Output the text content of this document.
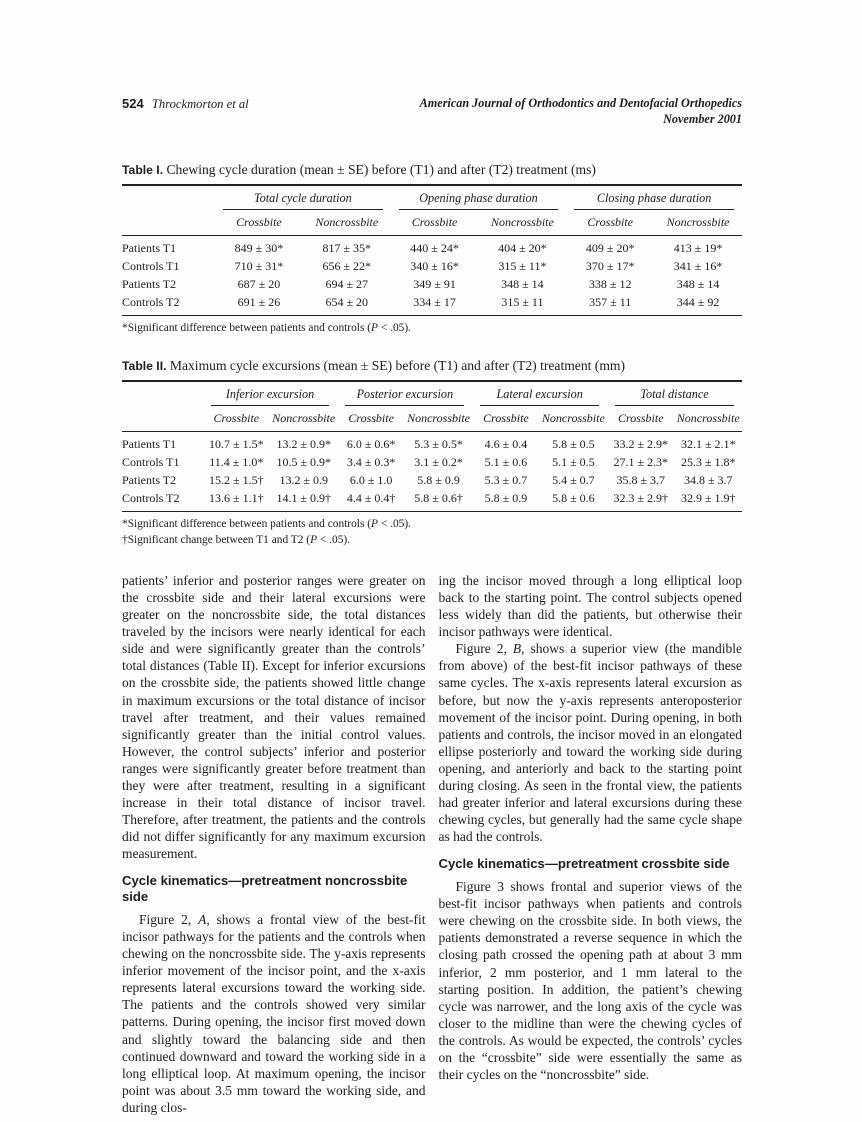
524 Throckmorton et al	American Journal of Orthodontics and Dentofacial Orthopedics
November 2001

Table I. Chewing cycle duration (mean ± SE) before (T1) and after (T2) treatment (ms)

	Total cycle duration		Opening phase duration		Closing phase duration	

	Crossbite	Noncrossbite	Crossbite	Noncrossbite	Crossbite	Noncrossbite
Patients T1	849 ± 30*	817 ± 35*	440 ± 24*	404 ± 20*	409 ± 20*	413 ± 19*
Controls T1	710 ± 31*	656 ± 22*	340 ± 16*	315 ± 11*	370 ± 17*	341 ± 16*
Patients T2	687 ± 20	694 ± 27	349 ± 91	348 ± 14	338 ± 12	348 ± 14
Controls T2	691 ± 26	654 ± 20	334 ± 17	315 ± 11	357 ± 11	344 ± 92

*Significant difference between patients and controls (P < .05).

Table II. Maximum cycle excursions (mean ± SE) before (T1) and after (T2) treatment (mm)

	Inferior excursion		Posterior excursion		Lateral excursion		Total distance	

	Crossbite	Noncrossbite	Crossbite	Noncrossbite	Crossbite	Noncrossbite	Crossbite	Noncrossbite
Patients T1	10.7 ± 1.5*	13.2 ± 0.9*	6.0 ± 0.6*	5.3 ± 0.5*	4.6 ± 0.4	5.8 ± 0.5	33.2 ± 2.9*	32.1 ± 2.1*
Controls T1	11.4 ± 1.0*	10.5 ± 0.9*	3.4 ± 0.3*	3.1 ± 0.2*	5.1 ± 0.6	5.1 ± 0.5	27.1 ± 2.3*	25.3 ± 1.8*
Patients T2	15.2 ± 1.5†	13.2 ± 0.9	6.0 ± 1.0	5.8 ± 0.9	5.3 ± 0.7	5.4 ± 0.7	35.8 ± 3.7	34.8 ± 3.7
Controls T2	13.6 ± 1.1†	14.1 ± 0.9†	4.4 ± 0.4†	5.8 ± 0.6†	5.8 ± 0.9	5.8 ± 0.6	32.3 ± 2.9†	32.9 ± 1.9†

*Significant difference between patients and controls (P < .05).

†Significant change between T1 and T2 (P < .05).

patients’ inferior and posterior ranges were greater on the crossbite side and their lateral excursions were greater on the noncrossbite side, the total distances traveled by the incisors were nearly identical for each side and were significantly greater than the controls’ total distances (Table II). Except for inferior excursions on the crossbite side, the patients showed little change in maximum excursions or the total distance of incisor travel after treatment, and their values remained significantly greater than the initial control values. However, the control subjects’ inferior and posterior ranges were significantly greater before treatment than they were after treatment, resulting in a significant increase in their total distance of incisor travel. Therefore, after treatment, the patients and the controls did not differ significantly for any maximum excursion measurement.

Cycle kinematics—pretreatment noncrossbite side

Figure 2, A, shows a frontal view of the best-fit incisor pathways for the patients and the controls when chewing on the noncrossbite side. The y-axis represents inferior movement of the incisor point, and the x-axis represents lateral excursions toward the working side. The patients and the controls showed very similar patterns. During opening, the incisor first moved down and slightly toward the balancing side and then continued downward and toward the working side in a long elliptical loop. At maximum opening, the incisor point was about 3.5 mm toward the working side, and during clos-

ing the incisor moved through a long elliptical loop back to the starting point. The control subjects opened less widely than did the patients, but otherwise their incisor pathways were identical.

Figure 2, B, shows a superior view (the mandible from above) of the best-fit incisor pathways of these same cycles. The x-axis represents lateral excursion as before, but now the y-axis represents anteroposterior movement of the incisor point. During opening, in both patients and controls, the incisor moved in an elongated ellipse posteriorly and toward the working side during opening, and anteriorly and back to the starting point during closing. As seen in the frontal view, the patients had greater inferior and lateral excursions during these chewing cycles, but generally had the same cycle shape as had the controls.

Cycle kinematics—pretreatment crossbite side

Figure 3 shows frontal and superior views of the best-fit incisor pathways when patients and controls were chewing on the crossbite side. In both views, the patients demonstrated a reverse sequence in which the closing path crossed the opening path at about 3 mm inferior, 2 mm posterior, and 1 mm lateral to the starting position. In addition, the patient’s chewing cycle was narrower, and the long axis of the cycle was closer to the midline than were the chewing cycles of the controls. As would be expected, the controls’ cycles on the “crossbite” side were essentially the same as their cycles on the “noncrossbite” side.
